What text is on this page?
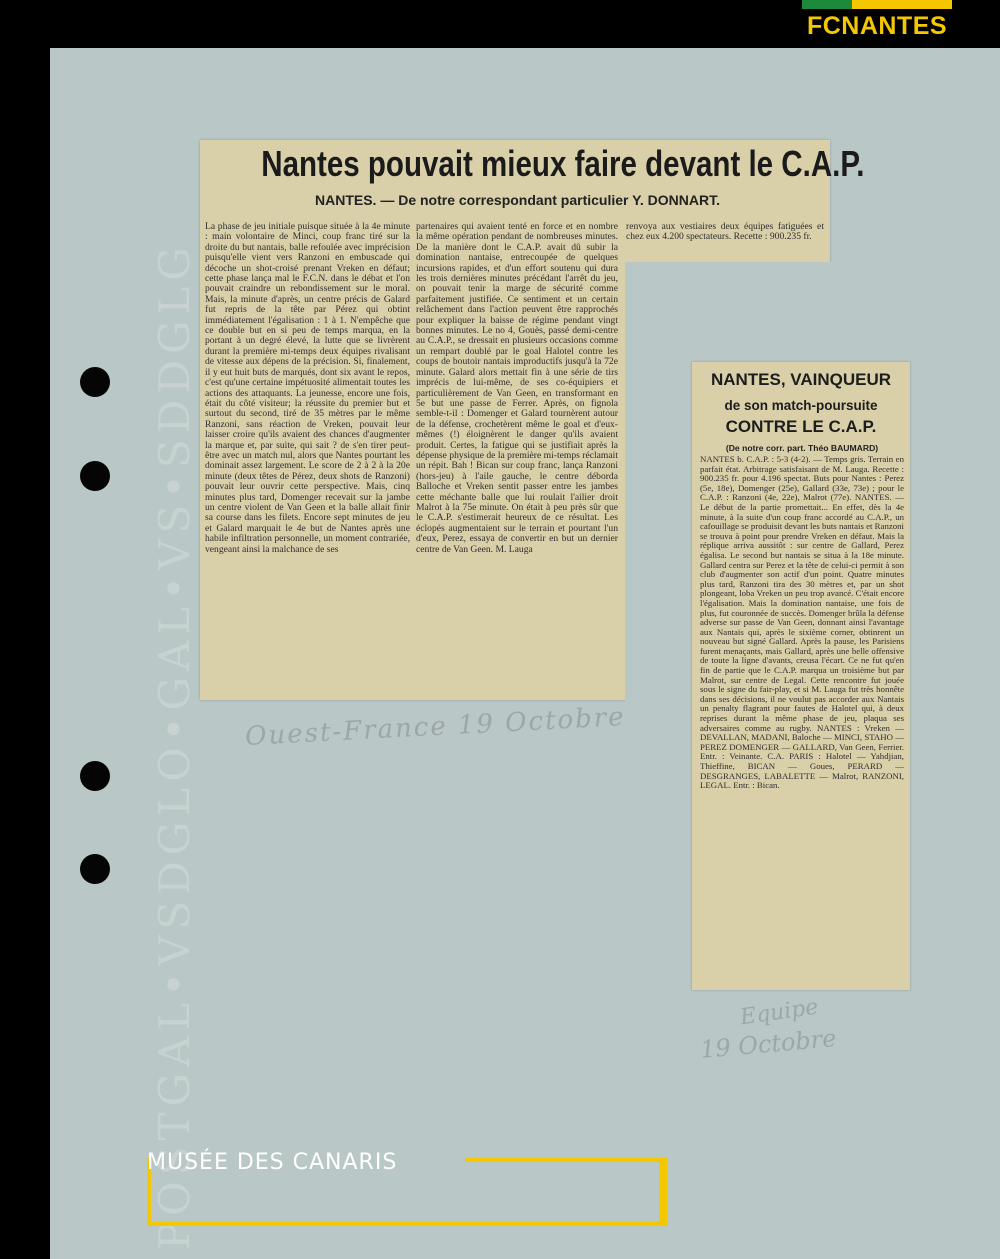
POSTGAL•VSDGLO•GAL•VS•SDDGLG
Nantes pouvait mieux faire devant le C.A.P.
NANTES. — De notre correspondant particulier Y. DONNART.
La phase de jeu initiale puisque située à la 4e minute : main volontaire de Minci, coup franc tiré sur la droite du but nantais, balle refoulée avec imprécision puisqu'elle vient vers Ranzoni en embuscade qui décoche un shot-croisé prenant Vreken en défaut; cette phase lança mal le F.C.N. dans le débat et l'on pouvait craindre un rebondissement sur le moral. Mais, la minute d'après, un centre précis de Galard fut repris de la tête par Pérez qui obtint immédiatement l'égalisation : 1 à 1. N'empêche que ce double but en si peu de temps marqua, en la portant à un degré élevé, la lutte que se livrèrent durant la première mi-temps deux équipes rivalisant de vitesse aux dépens de la précision. Si, finalement, il y eut huit buts de marqués, dont six avant le repos, c'est qu'une certaine impétuosité alimentait toutes les actions des attaquants. La jeunesse, encore une fois, était du côté visiteur; la réussite du premier but et surtout du second, tiré de 35 mètres par le même Ranzoni, sans réaction de Vreken, pouvait leur laisser croire qu'ils avaient des chances d'augmenter la marque et, par suite, qui sait ? de s'en tirer peut-être avec un match nul, alors que Nantes pourtant les dominait assez largement. Le score de 2 à 2 à la 20e minute (deux têtes de Pérez, deux shots de Ranzoni) pouvait leur ouvrir cette perspective. Mais, cinq minutes plus tard, Domenger recevait sur la jambe un centre violent de Van Geen et la balle allait finir sa course dans les filets. Encore sept minutes de jeu et Galard marquait le 4e but de Nantes après une habile infiltration personnelle, un moment contrariée, vengeant ainsi la malchance de ses
partenaires qui avaient tenté en force et en nombre la même opération pendant de nombreuses minutes. De la manière dont le C.A.P. avait dû subir la domination nantaise, entrecoupée de quelques incursions rapides, et d'un effort soutenu qui dura les trois dernières minutes précédant l'arrêt du jeu, on pouvait tenir la marge de sécurité comme parfaitement justifiée. Ce sentiment et un certain relâchement dans l'action peuvent être rapprochés pour expliquer la baisse de régime pendant vingt bonnes minutes. Le no 4, Gouès, passé demi-centre au C.A.P., se dressait en plusieurs occasions comme un rempart doublé par le goal Halotel contre les coups de boutoir nantais improductifs jusqu'à la 72e minute. Galard alors mettait fin à une série de tirs imprécis de lui-même, de ses co-équipiers et particulièrement de Van Geen, en transformant en 5e but une passe de Ferrer. Après, on fignola semble-t-il : Domenger et Galard tournèrent autour de la défense, crochetèrent même le goal et d'eux-mêmes (!) éloignèrent le danger qu'ils avaient produit. Certes, la fatigue qui se justifiait après la dépense physique de la première mi-temps réclamait un répit. Bah ! Bican sur coup franc, lança Ranzoni (hors-jeu) à l'aile gauche, le centre déborda Balloche et Vreken sentit passer entre les jambes cette méchante balle que lui roulait l'ailier droit Malrot à la 75e minute. On était à peu près sûr que le C.A.P. s'estimerait heureux de ce résultat. Les éclopés augmentaient sur le terrain et pourtant l'un d'eux, Perez, essaya de convertir en but un dernier centre de Van Geen. M. Lauga
renvoya aux vestiaires deux équipes fatiguées et chez eux 4.200 spectateurs. Recette : 900.235 fr.
NANTES, VAINQUEUR
de son match-poursuite
CONTRE LE C.A.P.
(De notre corr. part. Théo BAUMARD)
NANTES b. C.A.P. : 5-3 (4-2). — Temps gris. Terrain en parfait état. Arbitrage satisfaisant de M. Lauga. Recette : 900.235 fr. pour 4.196 spectat. Buts pour Nantes : Perez (5e, 18e), Domenger (25e), Gallard (33e, 73e) ; pour le C.A.P. : Ranzoni (4e, 22e), Malrot (77e). NANTES. — Le début de la partie promettait... En effet, dès la 4e minute, à la suite d'un coup franc accordé au C.A.P., un cafouillage se produisit devant les buts nantais et Ranzoni se trouva à point pour prendre Vreken en défaut. Mais la réplique arriva aussitôt : sur centre de Gallard, Perez égalisa. Le second but nantais se situa à la 18e minute. Gallard centra sur Perez et la tête de celui-ci permit à son club d'augmenter son actif d'un point. Quatre minutes plus tard, Ranzoni tira des 30 mètres et, par un shot plongeant, loba Vreken un peu trop avancé. C'était encore l'égalisation. Mais la domination nantaise, une fois de plus, fut couronnée de succès. Domenger brûla la défense adverse sur passe de Van Geen, donnant ainsi l'avantage aux Nantais qui, après le sixième corner, obtinrent un nouveau but signé Gallard. Après la pause, les Parisiens furent menaçants, mais Gallard, après une belle offensive de toute la ligne d'avants, creusa l'écart. Ce ne fut qu'en fin de partie que le C.A.P. marqua un troisième but par Malrot, sur centre de Legal. Cette rencontre fut jouée sous le signe du fair-play, et si M. Lauga fut très honnête dans ses décisions, il ne voulut pas accorder aux Nantais un penalty flagrant pour fautes de Halotel qui, à deux reprises durant la même phase de jeu, plaqua ses adversaires comme au rugby. NANTES : Vreken — DEVALLAN, MADANI, Baloche — MINCI, STAHO — PEREZ DOMENGER — GALLARD, Van Geen, Ferrier. Entr. : Veinante. C.A. PARIS : Halotel — Yahdjian, Thieffine, BICAN — Goues, PERARD — DESGRANGES, LABALETTE — Malrot, RANZONI, LEGAL. Entr. : Bican.
Ouest-France 19 Octobre
Equipe
19 Octobre
FCNANTES
MUSÉE DES CANARIS
